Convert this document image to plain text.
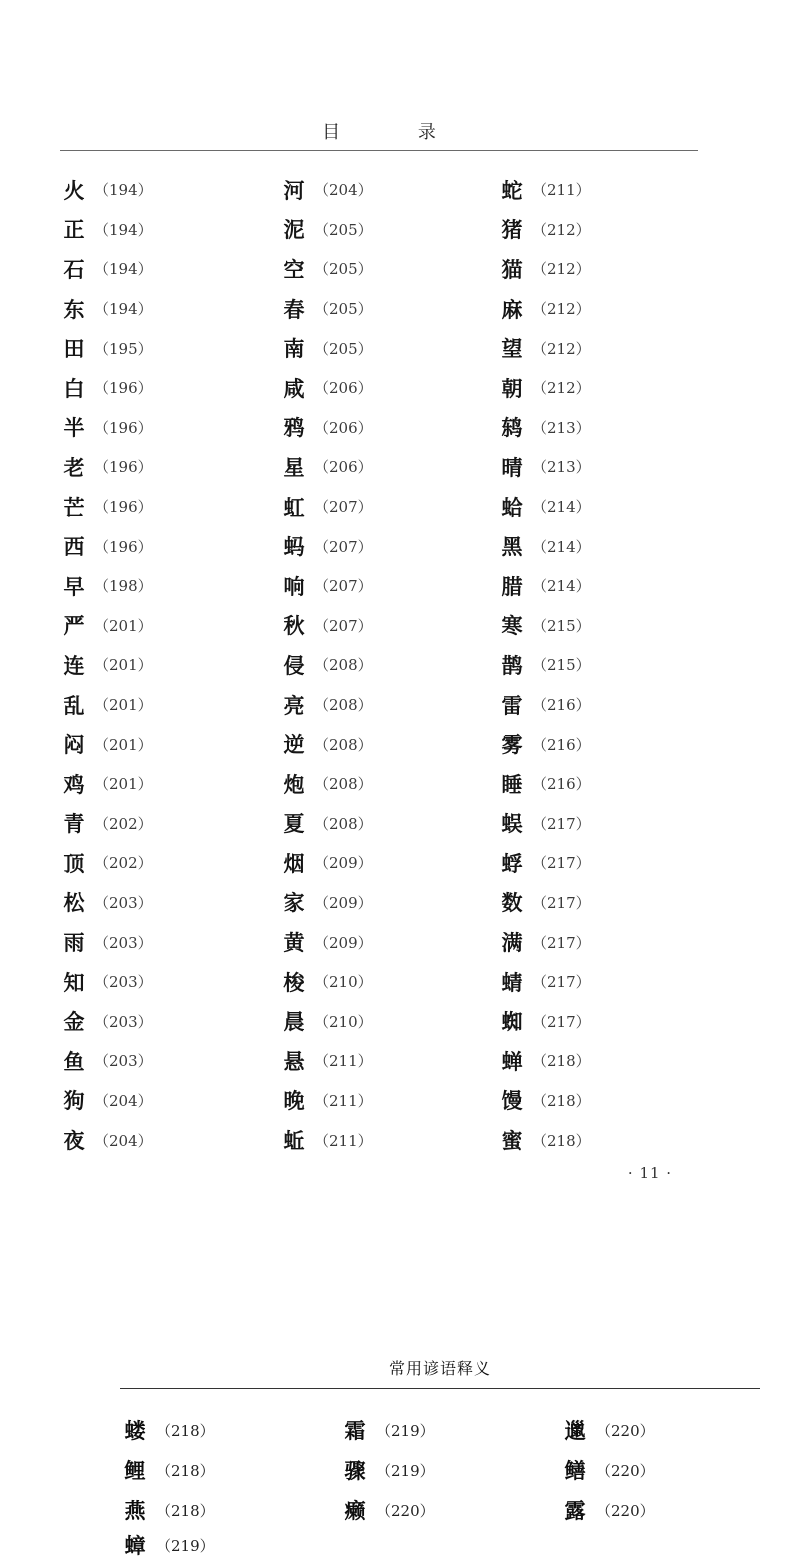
目 录
火 （194）
正 （194）
石 （194）
东 （194）
田 （195）
白 （196）
半 （196）
老 （196）
芒 （196）
西 （196）
早 （198）
严 （201）
连 （201）
乱 （201）
闷 （201）
鸡 （201）
青 （202）
顶 （202）
松 （203）
雨 （203）
知 （203）
金 （203）
鱼 （203）
狗 （204）
夜 （204）
河 （204）
泥 （205）
空 （205）
春 （205）
南 （205）
咸 （206）
鸦 （206）
星 （206）
虹 （207）
蚂 （207）
响 （207）
秋 （207）
侵 （208）
亮 （208）
逆 （208）
炮 （208）
夏 （208）
烟 （209）
家 （209）
黄 （209）
梭 （210）
晨 （210）
悬 （211）
晚 （211）
蚯 （211）
蛇 （211）
猪 （212）
猫 （212）
麻 （212）
望 （212）
朝 （212）
鸫 （213）
晴 （213）
蛤 （214）
黑 （214）
腊 （214）
寒 （215）
鹊 （215）
雷 （216）
雾 （216）
睡 （216）
蜈 （217）
蜉 （217）
数 （217）
满 （217）
蜻 （217）
蜘 （217）
蝉 （218）
馒 （218）
蜜 （218）
· 11 ·
常用谚语释义
蝼 （218）
鲤 （218）
燕 （218）
霜 （219）
骤 （219）
癞 （220）
邋 （220）
鳝 （220）
露 （220）
蟑 （219）
